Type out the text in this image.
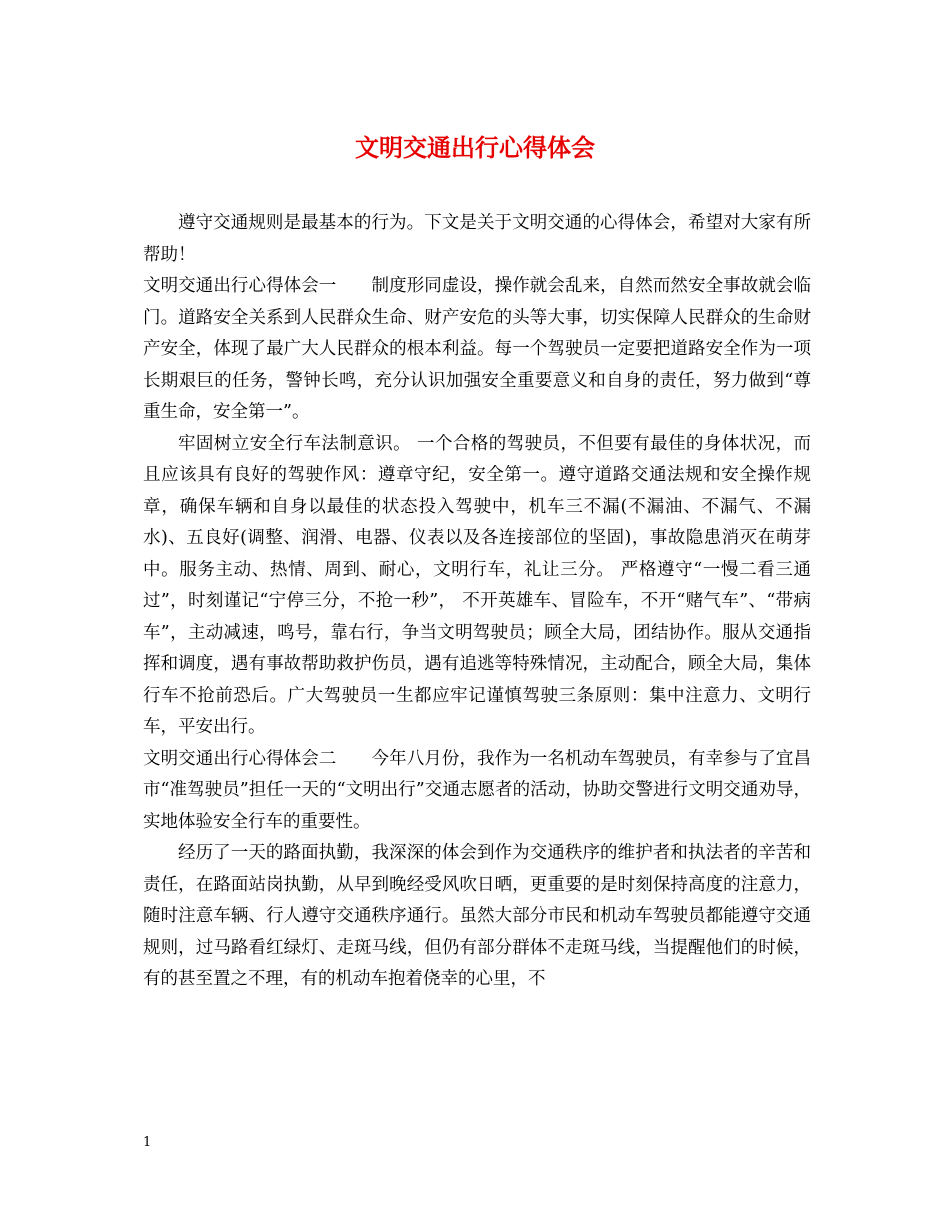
文明交通出行心得体会

遵守交通规则是最基本的行为。下文是关于文明交通的心得体会，希望对大家有所帮助！

文明交通出行心得体会一　　制度形同虚设，操作就会乱来，自然而然安全事故就会临门。道路安全关系到人民群众生命、财产安危的头等大事，切实保障人民群众的生命财产安全，体现了最广大人民群众的根本利益。每一个驾驶员一定要把道路安全作为一项长期艰巨的任务，警钟长鸣，充分认识加强安全重要意义和自身的责任，努力做到“尊重生命，安全第一”。

牢固树立安全行车法制意识。 一个合格的驾驶员，不但要有最佳的身体状况，而且应该具有良好的驾驶作风：遵章守纪，安全第一。遵守道路交通法规和安全操作规章，确保车辆和自身以最佳的状态投入驾驶中，机车三不漏(不漏油、不漏气、不漏水)、五良好(调整、润滑、电器、仪表以及各连接部位的坚固)，事故隐患消灭在萌芽中。服务主动、热情、周到、耐心，文明行车，礼让三分。 严格遵守“一慢二看三通过”，时刻谨记“宁停三分，不抢一秒”， 不开英雄车、冒险车，不开“赌气车”、“带病车”，主动减速，鸣号，靠右行，争当文明驾驶员；顾全大局，团结协作。服从交通指挥和调度，遇有事故帮助救护伤员，遇有追逃等特殊情况，主动配合，顾全大局，集体行车不抢前恐后。广大驾驶员一生都应牢记谨慎驾驶三条原则：集中注意力、文明行车，平安出行。

文明交通出行心得体会二　　今年八月份，我作为一名机动车驾驶员，有幸参与了宜昌市“准驾驶员”担任一天的“文明出行”交通志愿者的活动，协助交警进行文明交通劝导，实地体验安全行车的重要性。

经历了一天的路面执勤，我深深的体会到作为交通秩序的维护者和执法者的辛苦和责任，在路面站岗执勤，从早到晚经受风吹日晒，更重要的是时刻保持高度的注意力，随时注意车辆、行人遵守交通秩序通行。虽然大部分市民和机动车驾驶员都能遵守交通规则，过马路看红绿灯、走斑马线，但仍有部分群体不走斑马线，当提醒他们的时候，有的甚至置之不理，有的机动车抱着侥幸的心里，不

1
